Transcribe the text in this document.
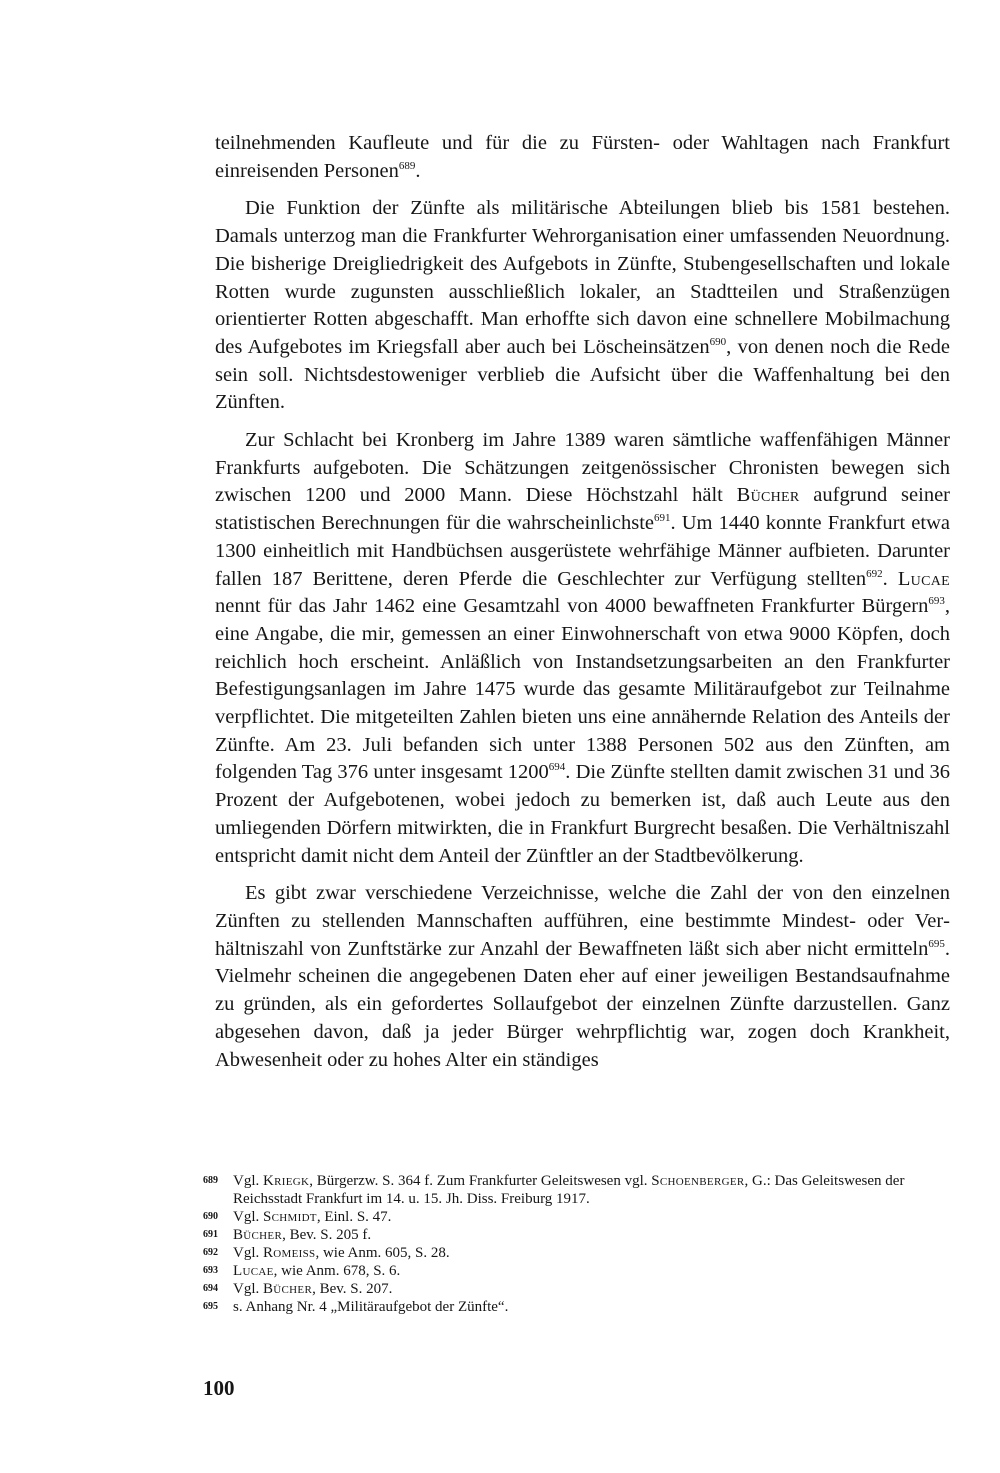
teilnehmenden Kaufleute und für die zu Fürsten- oder Wahltagen nach Frankfurt einreisenden Personen$^{689}$.

Die Funktion der Zünfte als militärische Abteilungen blieb bis 1581 bestehen. Damals unterzog man die Frankfurter Wehrorganisation einer umfassenden Neuordnung. Die bisherige Dreigliedrigkeit des Aufgebots in Zünfte, Stubengesellschaften und lokale Rotten wurde zugunsten ausschließlich lokaler, an Stadtteilen und Straßenzügen orientierter Rotten abgeschafft. Man erhoffte sich davon eine schnellere Mobilmachung des Aufgebotes im Kriegsfall aber auch bei Löscheinsätzen$^{690}$, von denen noch die Rede sein soll. Nichtsdestoweniger verblieb die Aufsicht über die Waffenhaltung bei den Zünften.

Zur Schlacht bei Kronberg im Jahre 1389 waren sämtliche waffenfähigen Männer Frankfurts aufgeboten. Die Schätzungen zeitgenössischer Chronisten bewegen sich zwischen 1200 und 2000 Mann. Diese Höchstzahl hält Bücher aufgrund seiner statistischen Berechnungen für die wahrscheinlichste$^{691}$. Um 1440 konnte Frankfurt etwa 1300 einheitlich mit Handbüchsen ausgerüstete wehrfähige Männer aufbieten. Darunter fallen 187 Berittene, deren Pferde die Geschlechter zur Verfügung stellten$^{692}$. Lucae nennt für das Jahr 1462 eine Gesamtzahl von 4000 bewaffneten Frankfurter Bürgern$^{693}$, eine Angabe, die mir, gemessen an einer Einwohnerschaft von etwa 9000 Köpfen, doch reichlich hoch erscheint. Anläßlich von Instandsetzungsarbeiten an den Frankfurter Befestigungsanlagen im Jahre 1475 wurde das gesamte Militäraufgebot zur Teilnahme verpflichtet. Die mitgeteilten Zahlen bieten uns eine annähernde Relation des Anteils der Zünfte. Am 23. Juli befanden sich unter 1388 Personen 502 aus den Zünften, am folgenden Tag 376 unter insgesamt 1200$^{694}$. Die Zünfte stellten damit zwischen 31 und 36 Prozent der Aufgebotenen, wobei jedoch zu bemerken ist, daß auch Leute aus den umliegenden Dörfern mitwirkten, die in Frankfurt Burgrecht besaßen. Die Verhältniszahl entspricht damit nicht dem Anteil der Zünftler an der Stadtbevölkerung.

Es gibt zwar verschiedene Verzeichnisse, welche die Zahl der von den einzelnen Zünften zu stellenden Mannschaften aufführen, eine bestimmte Mindest- oder Verhältniszahl von Zunftstärke zur Anzahl der Bewaffneten läßt sich aber nicht ermitteln$^{695}$. Vielmehr scheinen die angegebenen Daten eher auf einer jeweiligen Bestandsaufnahme zu gründen, als ein gefordertes Sollaufgebot der einzelnen Zünfte darzustellen. Ganz abgesehen davon, daß ja jeder Bürger wehrpflichtig war, zogen doch Krankheit, Abwesenheit oder zu hohes Alter ein ständiges

689 Vgl. Kriegk, Bürgerzw. S. 364 f. Zum Frankfurter Geleitswesen vgl. Schoenberger, G.: Das Geleitswesen der Reichsstadt Frankfurt im 14. u. 15. Jh. Diss. Freiburg 1917.
690 Vgl. Schmidt, Einl. S. 47.
691 Bücher, Bev. S. 205 f.
692 Vgl. Romeiss, wie Anm. 605, S. 28.
693 Lucae, wie Anm. 678, S. 6.
694 Vgl. Bücher, Bev. S. 207.
695 s. Anhang Nr. 4 „Militäraufgebot der Zünfte“.
100
